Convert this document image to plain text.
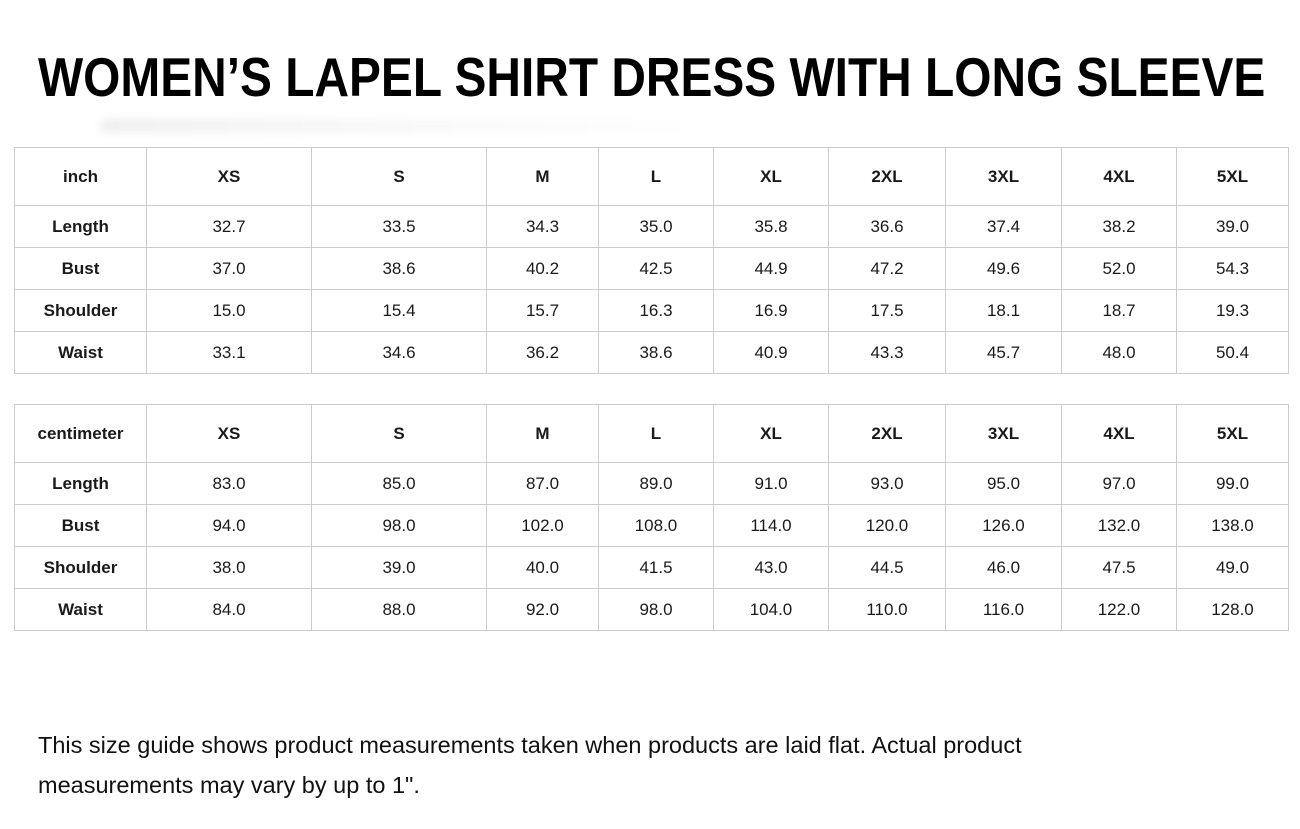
WOMEN’S LAPEL SHIRT DRESS WITH LONG SLEEVE
inch	XS	S	M	L	XL	2XL	3XL	4XL	5XL
Length	32.7	33.5	34.3	35.0	35.8	36.6	37.4	38.2	39.0
Bust	37.0	38.6	40.2	42.5	44.9	47.2	49.6	52.0	54.3
Shoulder	15.0	15.4	15.7	16.3	16.9	17.5	18.1	18.7	19.3
Waist	33.1	34.6	36.2	38.6	40.9	43.3	45.7	48.0	50.4
centimeter	XS	S	M	L	XL	2XL	3XL	4XL	5XL
Length	83.0	85.0	87.0	89.0	91.0	93.0	95.0	97.0	99.0
Bust	94.0	98.0	102.0	108.0	114.0	120.0	126.0	132.0	138.0
Shoulder	38.0	39.0	40.0	41.5	43.0	44.5	46.0	47.5	49.0
Waist	84.0	88.0	92.0	98.0	104.0	110.0	116.0	122.0	128.0

This size guide shows product measurements taken when products are laid flat. Actual product measurements may vary by up to 1".
